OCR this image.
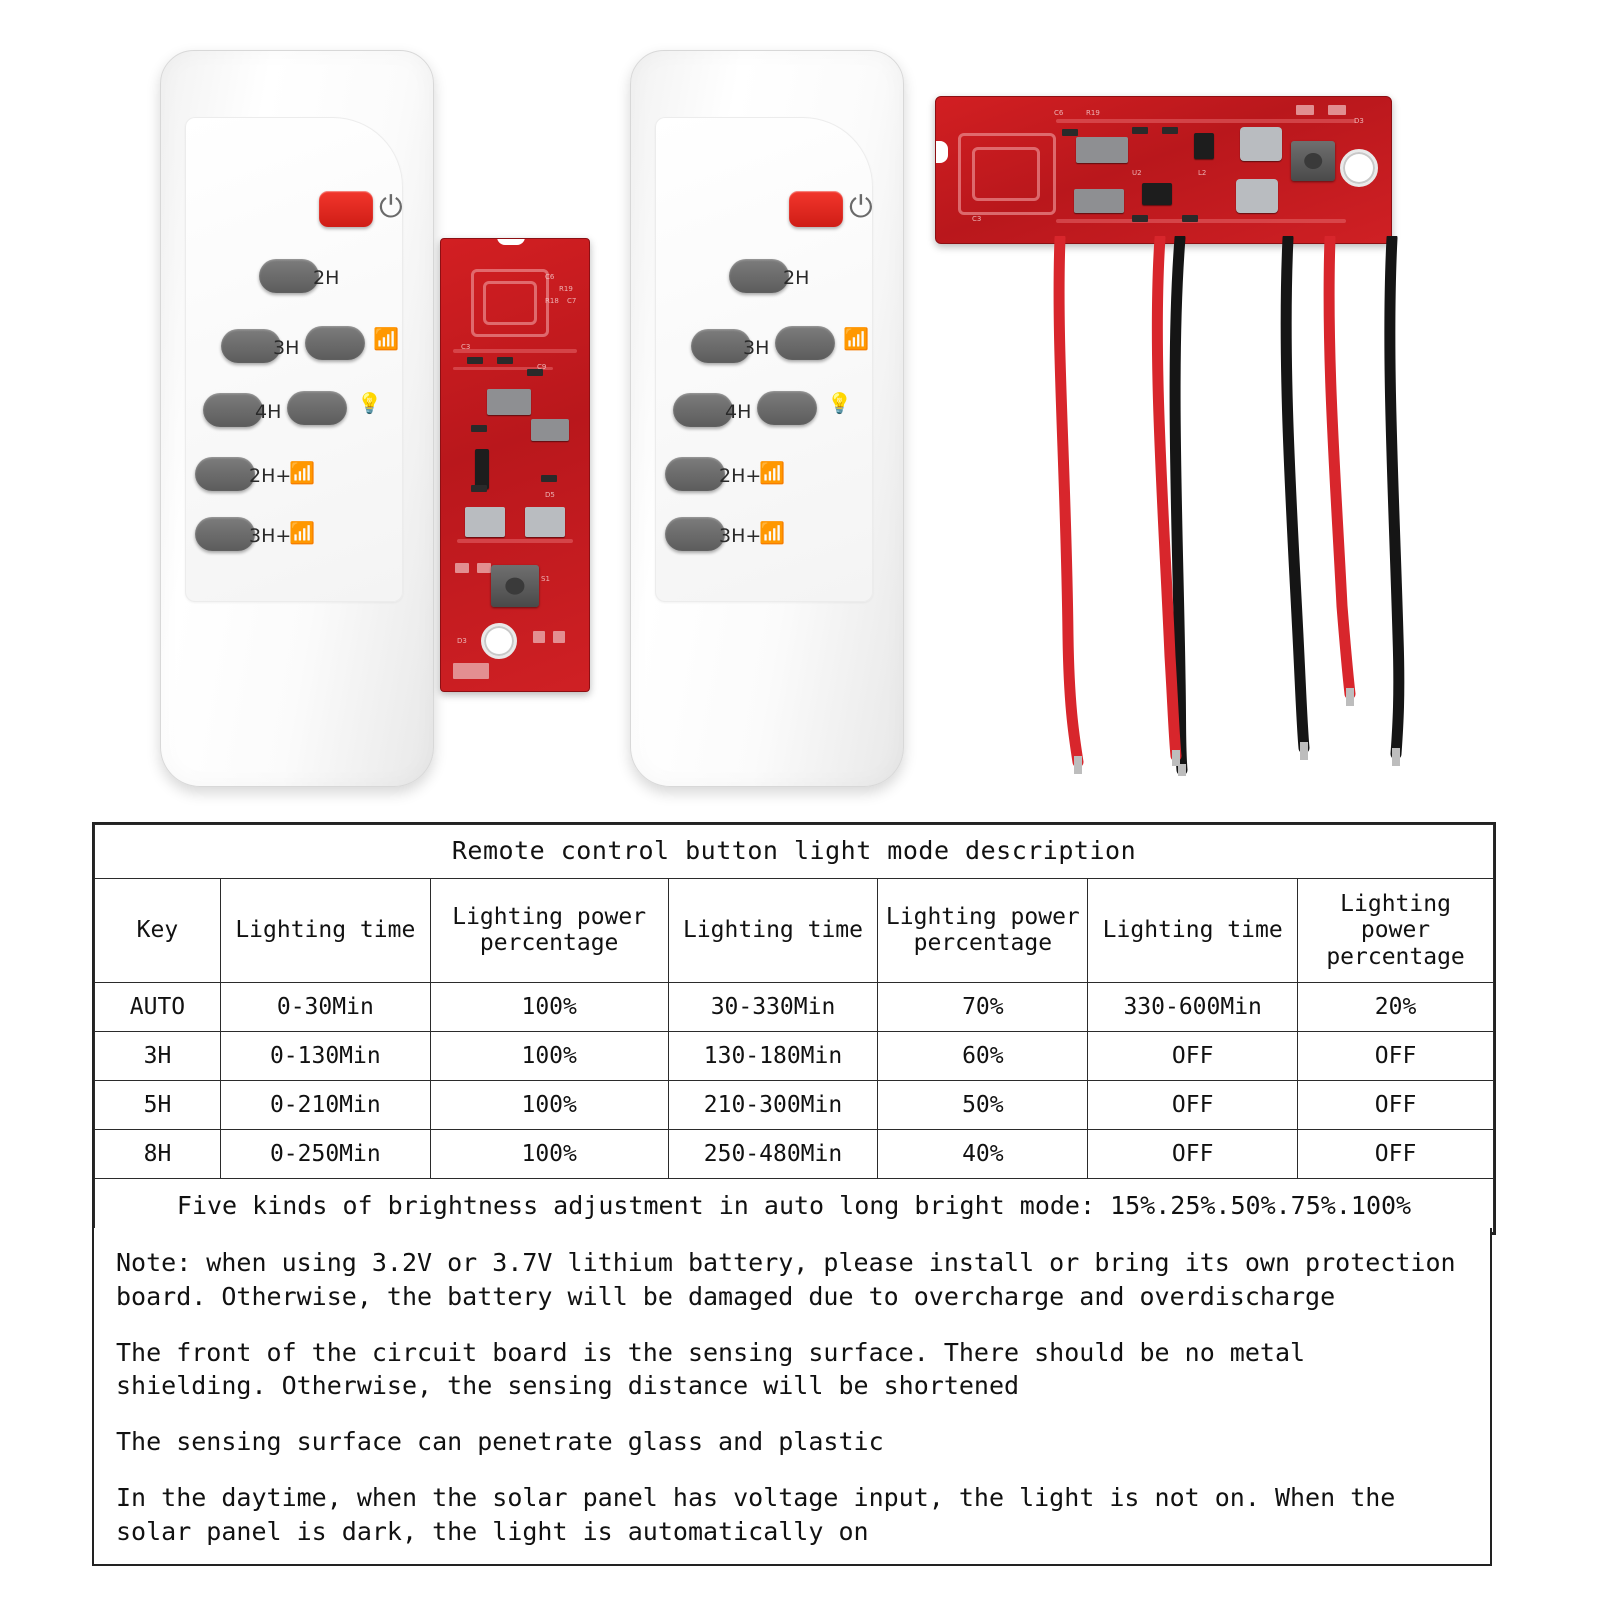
⏻
2H
3H	📶
4H	💡
2H+
📶
3H+
📶
C6
R19
R18 C7
C9
C3
D5
S1
D3
⏻
2H
3H	📶
4H	💡
2H+
📶
3H+
📶
C6	R19
U2
D3
L2
C3
Remote control button light mode description						
Key	Lighting time	Lighting power percentage	Lighting time	Lighting power percentage	Lighting time	Lighting power percentage
AUTO	0-30Min	100%	30-330Min	70%	330-600Min	20%
3H	0-130Min	100%	130-180Min	60%	OFF	OFF
5H	0-210Min	100%	210-300Min	50%	OFF	OFF
8H	0-250Min	100%	250-480Min	40%	OFF	OFF
Five kinds of brightness adjustment in auto long bright mode: 15%.25%.50%.75%.100%						

Note: when using 3.2V or 3.7V lithium battery, please install or bring its own protection board. Otherwise, the battery will be damaged due to overcharge and overdischarge

The front of the circuit board is the sensing surface. There should be no metal shielding. Otherwise, the sensing distance will be shortened

The sensing surface can penetrate glass and plastic

In the daytime, when the solar panel has voltage input, the light is not on. When the solar panel is dark, the light is automatically on
